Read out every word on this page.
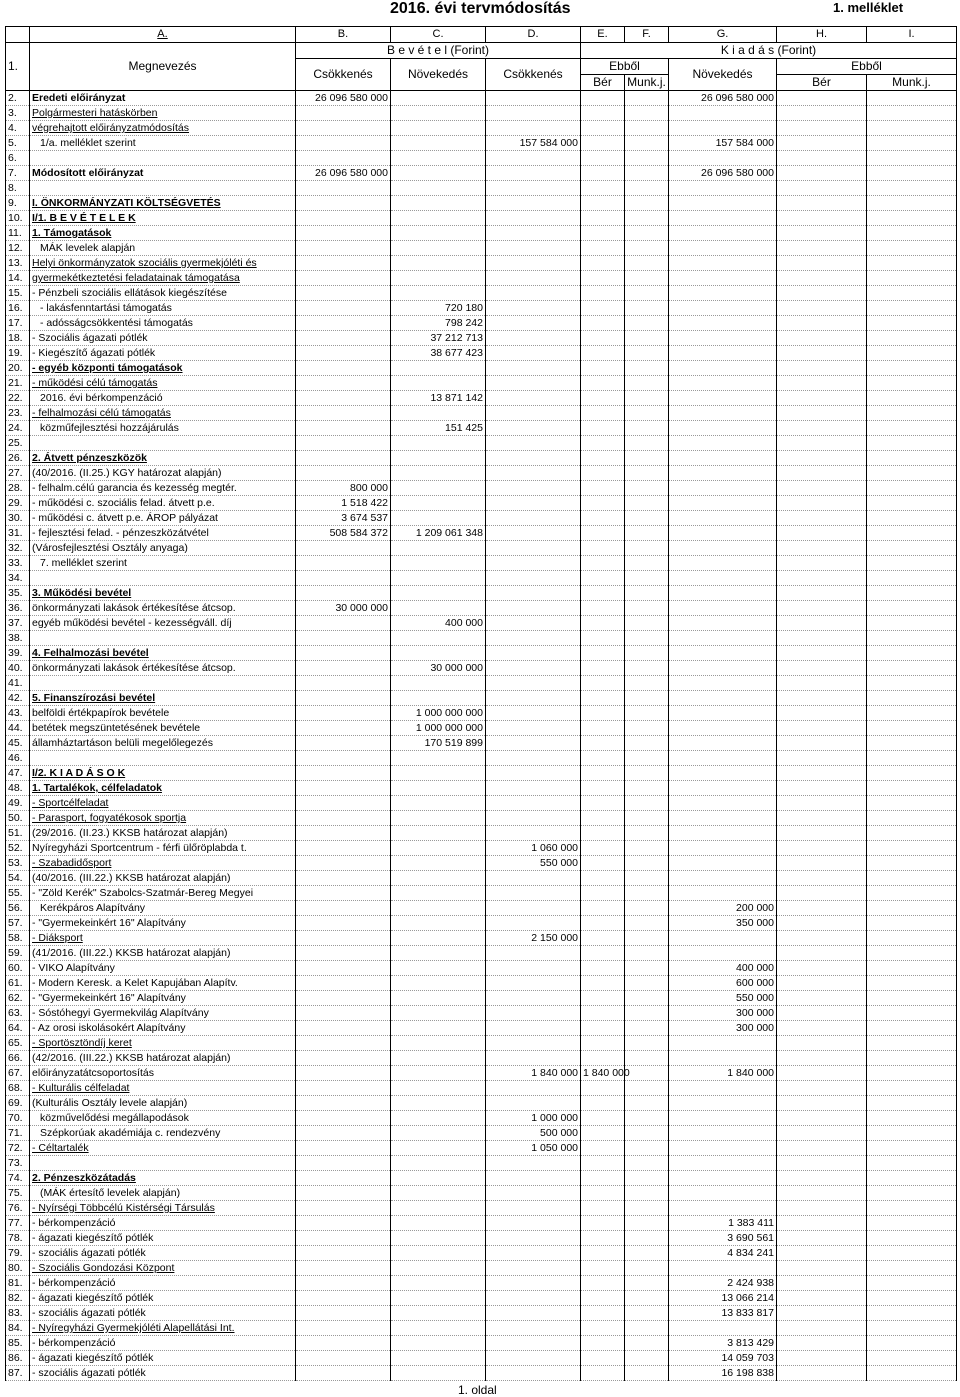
2016. évi tervmódosítás	1. melléklet
	A.	B.	C.	D.	E.	F.	G.	H.	I.
1.	Megnevezés	B e v é t e l (Forint)			K i a d á s (Forint)				
		Csökkenés	Növekedés	Csökkenés	Ebből		Növekedés	Ebből	
					Bér	Munk.j.		Bér	Munk.j.
2.	Eredeti előirányzat	26 096 580 000					26 096 580 000		
3.	Polgármesteri hatáskörben								
4.	végrehajtott előirányzatmódosítás								
5.	1/a. melléklet szerint			157 584 000			157 584 000		
6.									
7.	Módosított előirányzat	26 096 580 000					26 096 580 000		
8.									
9.	I. ÖNKORMÁNYZATI KÖLTSÉGVETÉS								
10.	I/1. B E V É T E L E K								
11.	1. Támogatások								
12.	MÁK levelek alapján								
13.	Helyi önkormányzatok szociális gyermekjóléti és								
14.	gyermekétkeztetési feladatainak támogatása								
15.	- Pénzbeli szociális ellátások kiegészítése								
16.	- lakásfenntartási támogatás		720 180						
17.	- adósságcsökkentési támogatás		798 242						
18.	- Szociális ágazati pótlék		37 212 713						
19.	- Kiegészítő ágazati pótlék		38 677 423						
20.	- egyéb központi támogatások								
21.	- működési célú támogatás								
22.	2016. évi bérkompenzáció		13 871 142						
23.	- felhalmozási célú támogatás								
24.	közműfejlesztési hozzájárulás		151 425						
25.									
26.	2. Átvett pénzeszközök								
27.	(40/2016. (II.25.) KGY határozat alapján)								
28.	- felhalm.célú garancia és kezesség megtér.	800 000							
29.	- működési c. szociális felad. átvett p.e.	1 518 422							
30.	- működési c. átvett p.e. ÁROP pályázat	3 674 537							
31.	- fejlesztési felad. - pénzeszközátvétel	508 584 372	1 209 061 348						
32.	(Városfejlesztési Osztály anyaga)								
33.	7. melléklet szerint								
34.									
35.	3. Működési bevétel								
36.	önkormányzati lakások értékesítése átcsop.	30 000 000							
37.	egyéb működési bevétel - kezességváll. díj		400 000						
38.									
39.	4. Felhalmozási bevétel								
40.	önkormányzati lakások értékesítése átcsop.		30 000 000						
41.									
42.	5. Finanszírozási bevétel								
43.	belföldi értékpapírok bevétele		1 000 000 000						
44.	betétek megszüntetésének bevétele		1 000 000 000						
45.	államháztartáson belüli megelőlegezés		170 519 899						
46.									
47.	I/2. K I A D Á S O K								
48.	1. Tartalékok, célfeladatok								
49.	- Sportcélfeladat								
50.	- Parasport, fogyatékosok sportja								
51.	(29/2016. (II.23.) KKSB határozat alapján)								
52.	Nyíregyházi Sportcentrum - férfi ülőröplabda t.			1 060 000					
53.	- Szabadidősport			550 000					
54.	(40/2016. (III.22.) KKSB határozat alapján)								
55.	- "Zöld Kerék" Szabolcs-Szatmár-Bereg Megyei								
56.	Kerékpáros Alapítvány						200 000		
57.	- "Gyermekeinkért 16" Alapítvány						350 000		
58.	- Diáksport			2 150 000					
59.	(41/2016. (III.22.) KKSB határozat alapján)								
60.	- VIKO Alapítvány						400 000		
61.	- Modern Keresk. a Kelet Kapujában Alapítv.						600 000		
62.	- "Gyermekeinkért 16" Alapítvány						550 000		
63.	- Sóstóhegyi Gyermekvilág Alapítvány						300 000		
64.	- Az orosi iskolásokért Alapítvány						300 000		
65.	- Sportösztöndíj keret								
66.	(42/2016. (III.22.) KKSB határozat alapján)								
67.	előirányzatátcsoportosítás			1 840 000	1 840 000		1 840 000		
68.	- Kulturális célfeladat								
69.	(Kulturális Osztály levele alapján)								
70.	közművelődési megállapodások			1 000 000					
71.	Szépkorúak akadémiája c. rendezvény			500 000					
72.	- Céltartalék			1 050 000					
73.									
74.	2. Pénzeszközátadás								
75.	(MÁK értesítő levelek alapján)								
76.	- Nyírségi Többcélú Kistérségi Társulás								
77.	- bérkompenzáció						1 383 411		
78.	- ágazati kiegészítő pótlék						3 690 561		
79.	- szociális ágazati pótlék						4 834 241		
80.	- Szociális Gondozási Központ								
81.	- bérkompenzáció						2 424 938		
82.	- ágazati kiegészítő pótlék						13 066 214		
83.	- szociális ágazati pótlék						13 833 817		
84.	- Nyíregyházi Gyermekjóléti Alapellátási Int.								
85.	- bérkompenzáció						3 813 429		
86.	- ágazati kiegészítő pótlék						14 059 703		
87.	- szociális ágazati pótlék						16 198 838		
1. oldal
